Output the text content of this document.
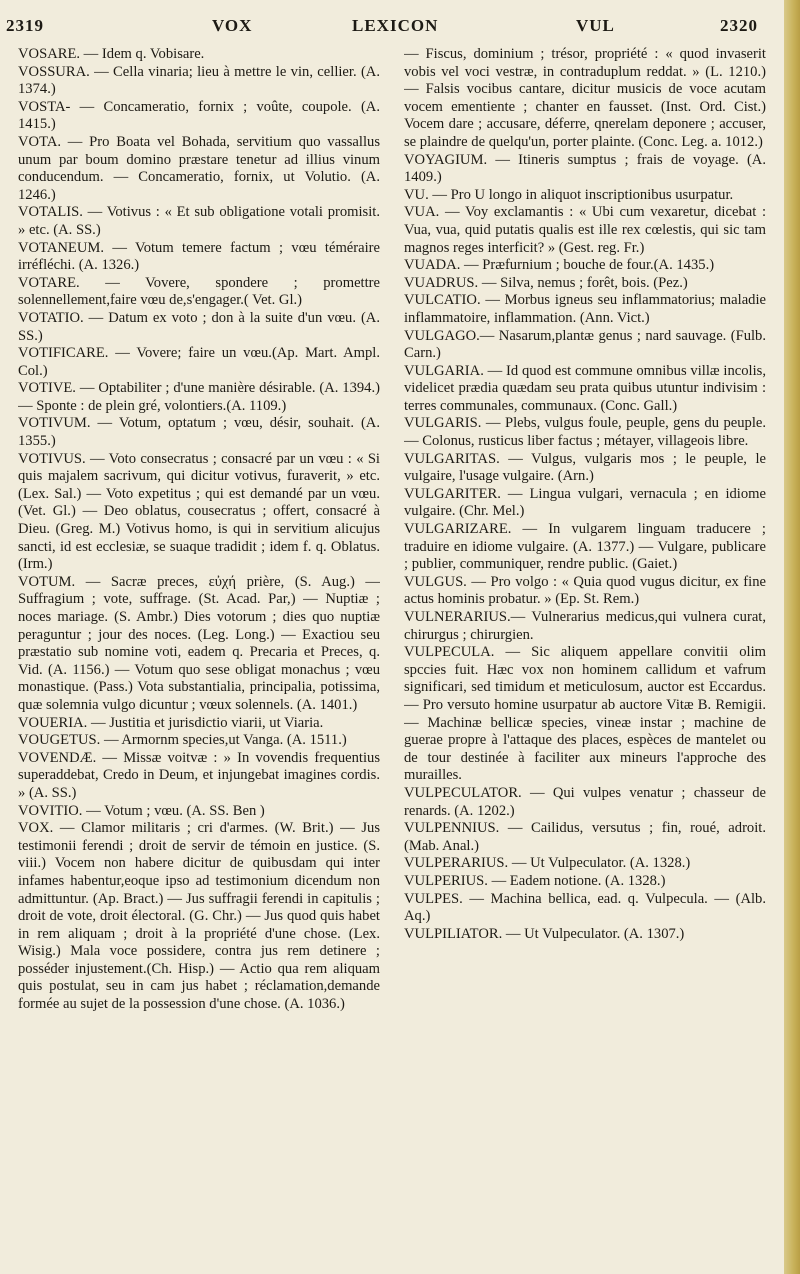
2319	VOX	LEXICON	VUL	2320

VOSARE. — Idem q. Vobisare.

VOSSURA. — Cella vinaria; lieu à mettre le vin, cellier. (A. 1374.)

VOSTA- — Concameratio, fornix ; voûte, coupole. (A. 1415.)

VOTA. — Pro Boata vel Bohada, servitium quo vassallus unum par boum domino præstare tenetur ad illius vinum conducendum. — Concameratio, fornix, ut Volutio. (A. 1246.)

VOTALIS. — Votivus : « Et sub obligatione votali promisit. » etc. (A. SS.)

VOTANEUM. — Votum temere factum ; vœu téméraire irréfléchi. (A. 1326.)

VOTARE. — Vovere, spondere ; promettre solennellement,faire vœu de,s'engager.( Vet. Gl.)

VOTATIO. — Datum ex voto ; don à la suite d'un vœu. (A. SS.)

VOTIFICARE. — Vovere; faire un vœu.(Ap. Mart. Ampl. Col.)

VOTIVE. — Optabiliter ; d'une manière désirable. (A. 1394.) — Sponte : de plein gré, volontiers.(A. 1109.)

VOTIVUM. — Votum, optatum ; vœu, désir, souhait. (A. 1355.)

VOTIVUS. — Voto consecratus ; consacré par un vœu : « Si quis majalem sacrivum, qui dicitur votivus, furaverit, » etc. (Lex. Sal.) — Voto expetitus ; qui est demandé par un vœu. (Vet. Gl.) — Deo oblatus, cousecratus ; offert, consacré à Dieu. (Greg. M.) Votivus homo, is qui in servitium alicujus sancti, id est ecclesiæ, se suaque tradidit ; idem f. q. Oblatus. (Irm.)

VOTUM. — Sacræ preces, εὐχή prière, (S. Aug.) — Suffragium ; vote, suffrage. (St. Acad. Par,) — Nuptiæ ; noces mariage. (S. Ambr.) Dies votorum ; dies quo nuptiæ peraguntur ; jour des noces. (Leg. Long.) — Exactiou seu præstatio sub nomine voti, eadem q. Precaria et Preces, q. Vid. (A. 1156.) — Votum quo sese obligat monachus ; vœu monastique. (Pass.) Vota substantialia, principalia, potissima, quæ solemnia vulgo dicuntur ; vœux solennels. (A. 1401.)

VOUERIA. — Justitia et jurisdictio viarii, ut Viaria.

VOUGETUS. — Armornm species,ut Vanga. (A. 1511.)

VOVENDÆ. — Missæ voitvæ : » In vovendis frequentius superaddebat, Credo in Deum, et injungebat imagines cordis. » (A. SS.)

VOVITIO. — Votum ; vœu. (A. SS. Ben )

VOX. — Clamor militaris ; cri d'armes. (W. Brit.) — Jus testimonii ferendi ; droit de servir de témoin en justice. (S. viii.) Vocem non habere dicitur de quibusdam qui inter infames habentur,eoque ipso ad testimonium dicendum non admittuntur. (Ap. Bract.) — Jus suffragii ferendi in capitulis ; droit de vote, droit électoral. (G. Chr.) — Jus quod quis habet in rem aliquam ; droit à la propriété d'une chose. (Lex. Wisig.) Mala voce possidere, contra jus rem detinere ; posséder injustement.(Ch. Hisp.) — Actio qua rem aliquam quis postulat, seu in cam jus habet ; réclamation,demande formée au sujet de la possession d'une chose. (A. 1036.)

— Fiscus, dominium ; trésor, propriété : « quod invaserit vobis vel voci vestræ, in contraduplum reddat. » (L. 1210.) — Falsis vocibus cantare, dicitur musicis de voce acutam vocem ementiente ; chanter en fausset. (Inst. Ord. Cist.) Vocem dare ; accusare, déferre, qnerelam deponere ; accuser, se plaindre de quelqu'un, porter plainte. (Conc. Leg. a. 1012.)

VOYAGIUM. — Itineris sumptus ; frais de voyage. (A. 1409.)

VU. — Pro U longo in aliquot inscriptionibus usurpatur.

VUA. — Voy exclamantis : « Ubi cum vexaretur, dicebat : Vua, vua, quid putatis qualis est ille rex cœlestis, qui sic tam magnos reges interficit? » (Gest. reg. Fr.)

VUADA. — Præfurnium ; bouche de four.(A. 1435.)

VUADRUS. — Silva, nemus ; forêt, bois. (Pez.)

VULCATIO. — Morbus igneus seu inflammatorius; maladie inflammatoire, inflammation. (Ann. Vict.)

VULGAGO.— Nasarum,plantæ genus ; nard sauvage. (Fulb. Carn.)

VULGARIA. — Id quod est commune omnibus villæ incolis, videlicet prædia quædam seu prata quibus utuntur indivisim : terres communales, communaux. (Conc. Gall.)

VULGARIS. — Plebs, vulgus foule, peuple, gens du peuple. — Colonus, rusticus liber factus ; métayer, villageois libre.

VULGARITAS. — Vulgus, vulgaris mos ; le peuple, le vulgaire, l'usage vulgaire. (Arn.)

VULGARITER. — Lingua vulgari, vernacula ; en idiome vulgaire. (Chr. Mel.)

VULGARIZARE. — In vulgarem linguam traducere ; traduire en idiome vulgaire. (A. 1377.) — Vulgare, publicare ; publier, communiquer, rendre public. (Gaiet.)

VULGUS. — Pro volgo : « Quia quod vugus dicitur, ex fine actus hominis probatur. » (Ep. St. Rem.)

VULNERARIUS.— Vulnerarius medicus,qui vulnera curat, chirurgus ; chirurgien.

VULPECULA. — Sic aliquem appellare convitii olim spccies fuit. Hæc vox non hominem callidum et vafrum significari, sed timidum et meticulosum, auctor est Eccardus. — Pro versuto homine usurpatur ab auctore Vitæ B. Remigii. — Machinæ bellicæ species, vineæ instar ; machine de guerae propre à l'attaque des places, espèces de mantelet ou de tour destinée à faciliter aux mineurs l'approche des murailles.

VULPECULATOR. — Qui vulpes venatur ; chasseur de renards. (A. 1202.)

VULPENNIUS. — Cailidus, versutus ; fin, roué, adroit. (Mab. Anal.)

VULPERARIUS. — Ut Vulpeculator. (A. 1328.)

VULPERIUS. — Eadem notione. (A. 1328.)

VULPES. — Machina bellica, ead. q. Vulpecula. — (Alb. Aq.)

VULPILIATOR. — Ut Vulpeculator. (A. 1307.)
